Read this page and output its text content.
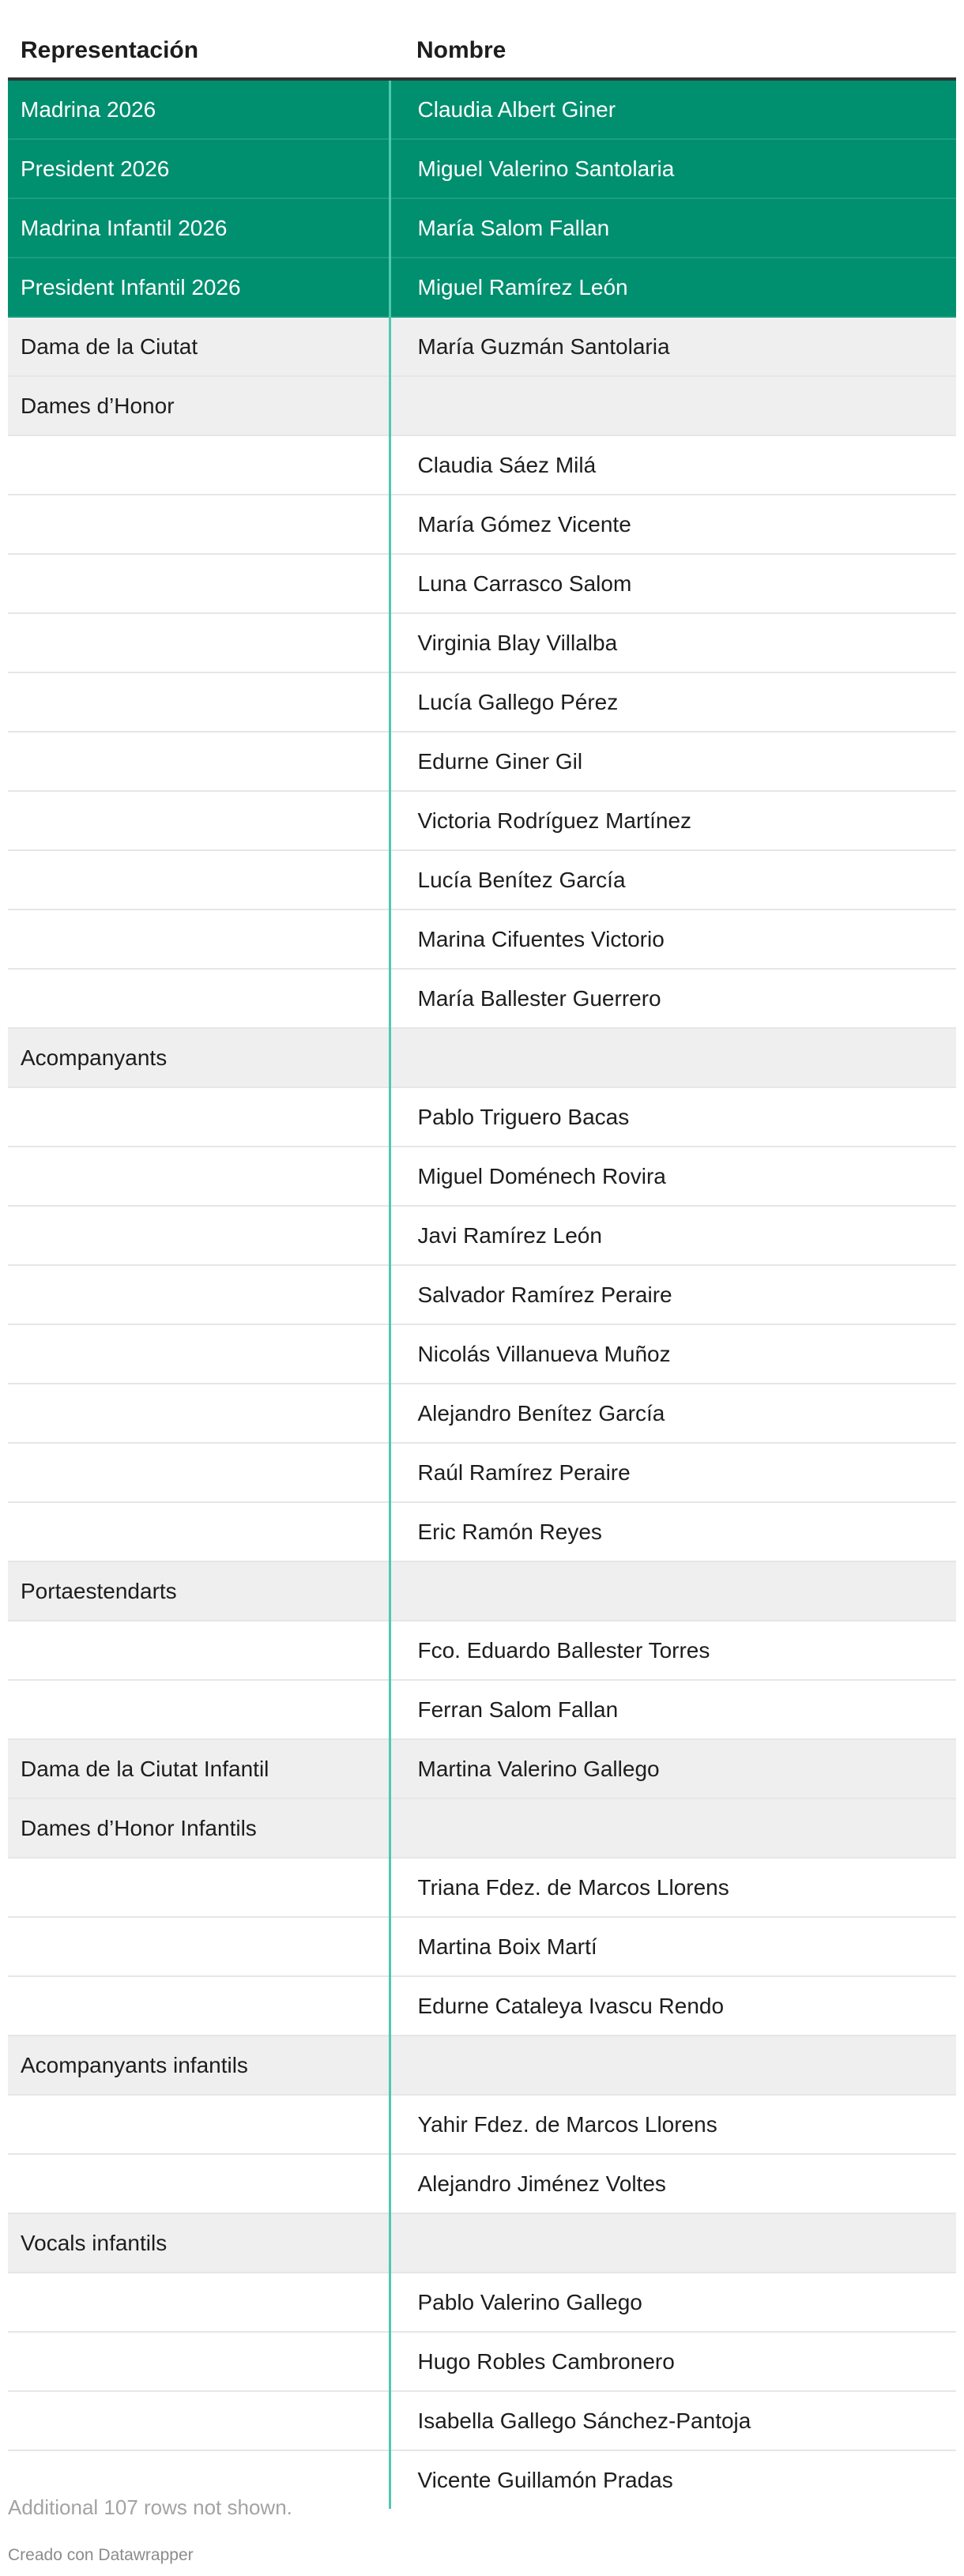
Representación	Nombre
Madrina 2026	Claudia Albert Giner
President 2026	Miguel Valerino Santolaria
Madrina Infantil 2026	María Salom Fallan
President Infantil 2026	Miguel Ramírez León
Dama de la Ciutat	María Guzmán Santolaria
Dames d’Honor	
	Claudia Sáez Milá
	María Gómez Vicente
	Luna Carrasco Salom
	Virginia Blay Villalba
	Lucía Gallego Pérez
	Edurne Giner Gil
	Victoria Rodríguez Martínez
	Lucía Benítez García
	Marina Cifuentes Victorio
	María Ballester Guerrero
Acompanyants	
	Pablo Triguero Bacas
	Miguel Doménech Rovira
	Javi Ramírez León
	Salvador Ramírez Peraire
	Nicolás Villanueva Muñoz
	Alejandro Benítez García
	Raúl Ramírez Peraire
	Eric Ramón Reyes
Portaestendarts	
	Fco. Eduardo Ballester Torres
	Ferran Salom Fallan
Dama de la Ciutat Infantil	Martina Valerino Gallego
Dames d’Honor Infantils	
	Triana Fdez. de Marcos Llorens
	Martina Boix Martí
	Edurne Cataleya Ivascu Rendo
Acompanyants infantils	
	Yahir Fdez. de Marcos Llorens
	Alejandro Jiménez Voltes
Vocals infantils	
	Pablo Valerino Gallego
	Hugo Robles Cambronero
	Isabella Gallego Sánchez-Pantoja
	Vicente Guillamón Pradas
Additional 107 rows not shown.
Creado con Datawrapper
